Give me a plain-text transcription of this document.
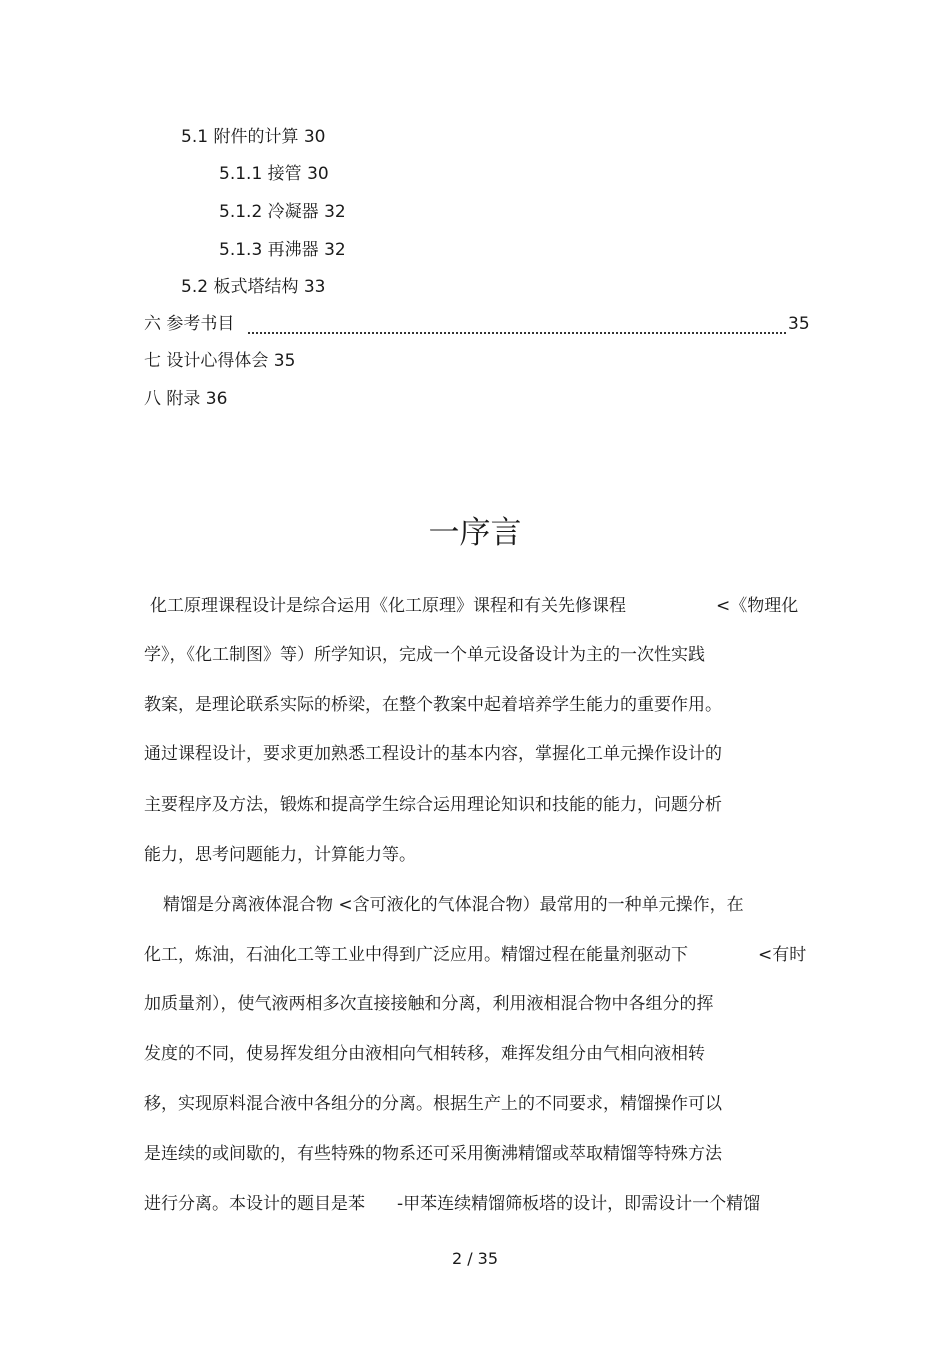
5.1 附件的计算 30
5.1.1 接管 30
5.1.2 冷凝器 32
5.1.3 再沸器 32
5.2 板式塔结构 33
六 参考书目	35
七 设计心得体会 35
八 附录 36
一序言
化工原理课程设计是综合运用《化工原理》课程和有关先修课程	<《物理化
学》，《化工制图》等）所学知识，完成一个单元设备设计为主的一次性实践
教案，是理论联系实际的桥梁，在整个教案中起着培养学生能力的重要作用。
通过课程设计，要求更加熟悉工程设计的基本内容，掌握化工单元操作设计的
主要程序及方法，锻炼和提高学生综合运用理论知识和技能的能力，问题分析
能力，思考问题能力，计算能力等。
精馏是分离液体混合物 <含可液化的气体混合物）最常用的一种单元操作，在
化工，炼油，石油化工等工业中得到广泛应用。精馏过程在能量剂驱动下	<有时
加质量剂），使气液两相多次直接接触和分离，利用液相混合物中各组分的挥
发度的不同，使易挥发组分由液相向气相转移，难挥发组分由气相向液相转
移，实现原料混合液中各组分的分离。根据生产上的不同要求，精馏操作可以
是连续的或间歇的，有些特殊的物系还可采用衡沸精馏或萃取精馏等特殊方法
进行分离。本设计的题目是苯 -甲苯连续精馏筛板塔的设计，即需设计一个精馏
2 / 35
